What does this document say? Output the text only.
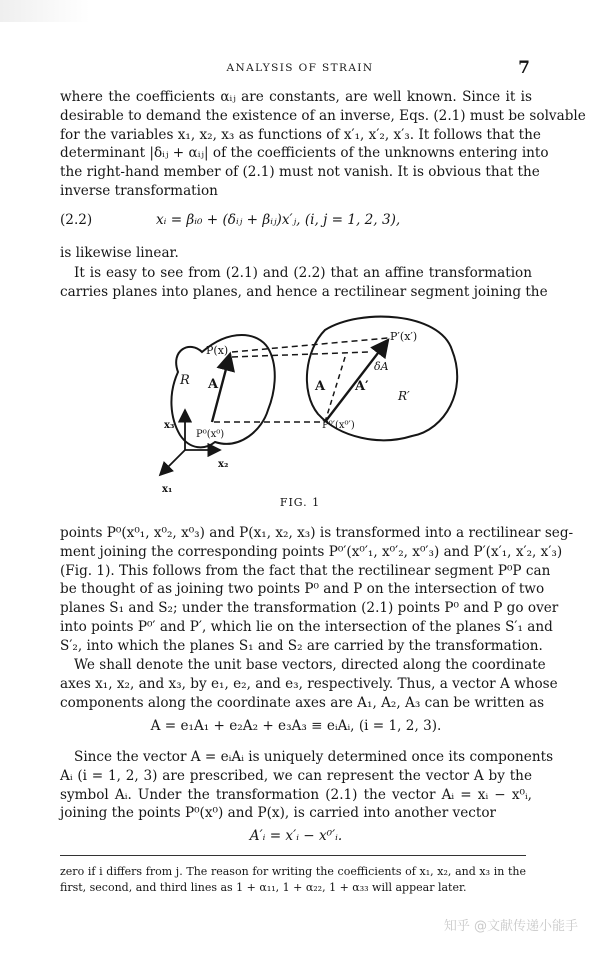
ANALYSIS OF STRAIN	7

where the coefficients αᵢⱼ are constants, are well known. Since it is
desirable to demand the existence of an inverse, Eqs. (2.1) must be solvable
for the variables x₁, x₂, x₃ as functions of x′₁, x′₂, x′₃. It follows that the
determinant |δᵢⱼ + αᵢⱼ| of the coefficients of the unknowns entering into
the right-hand member of (2.1) must not vanish. It is obvious that the
inverse transformation

(2.2)	xᵢ = βᵢ₀ + (δᵢⱼ + βᵢⱼ)x′ⱼ, (i, j = 1, 2, 3),

is likewise linear.

It is easy to see from (2.1) and (2.2) that an affine transformation
carries planes into planes, and hence a rectilinear segment joining the

P(x)
P′(x′)
δA
R
R′
A	A A′
P⁰(x⁰)
P⁰′(x⁰′)
x₃
x₂
x₁
FIG. 1

points P⁰(x⁰₁, x⁰₂, x⁰₃) and P(x₁, x₂, x₃) is transformed into a rectilinear seg-
ment joining the corresponding points P⁰′(x⁰′₁, x⁰′₂, x⁰′₃) and P′(x′₁, x′₂, x′₃)
(Fig. 1). This follows from the fact that the rectilinear segment P⁰P can
be thought of as joining two points P⁰ and P on the intersection of two
planes S₁ and S₂; under the transformation (2.1) points P⁰ and P go over
into points P⁰′ and P′, which lie on the intersection of the planes S′₁ and
S′₂, into which the planes S₁ and S₂ are carried by the transformation.

We shall denote the unit base vectors, directed along the coordinate
axes x₁, x₂, and x₃, by e₁, e₂, and e₃, respectively. Thus, a vector A whose
components along the coordinate axes are A₁, A₂, A₃ can be written as

A = e₁A₁ + e₂A₂ + e₃A₃ ≡ eᵢAᵢ, (i = 1, 2, 3).

Since the vector A = eᵢAᵢ is uniquely determined once its components
Aᵢ (i = 1, 2, 3) are prescribed, we can represent the vector A by the
symbol Aᵢ. Under the transformation (2.1) the vector Aᵢ = xᵢ − x⁰ᵢ,
joining the points P⁰(x⁰) and P(x), is carried into another vector

A′ᵢ = x′ᵢ − x⁰′ᵢ.

zero if i differs from j. The reason for writing the coefficients of x₁, x₂, and x₃ in the
first, second, and third lines as 1 + α₁₁, 1 + α₂₂, 1 + α₃₃ will appear later.

知乎 @文献传递小能手
